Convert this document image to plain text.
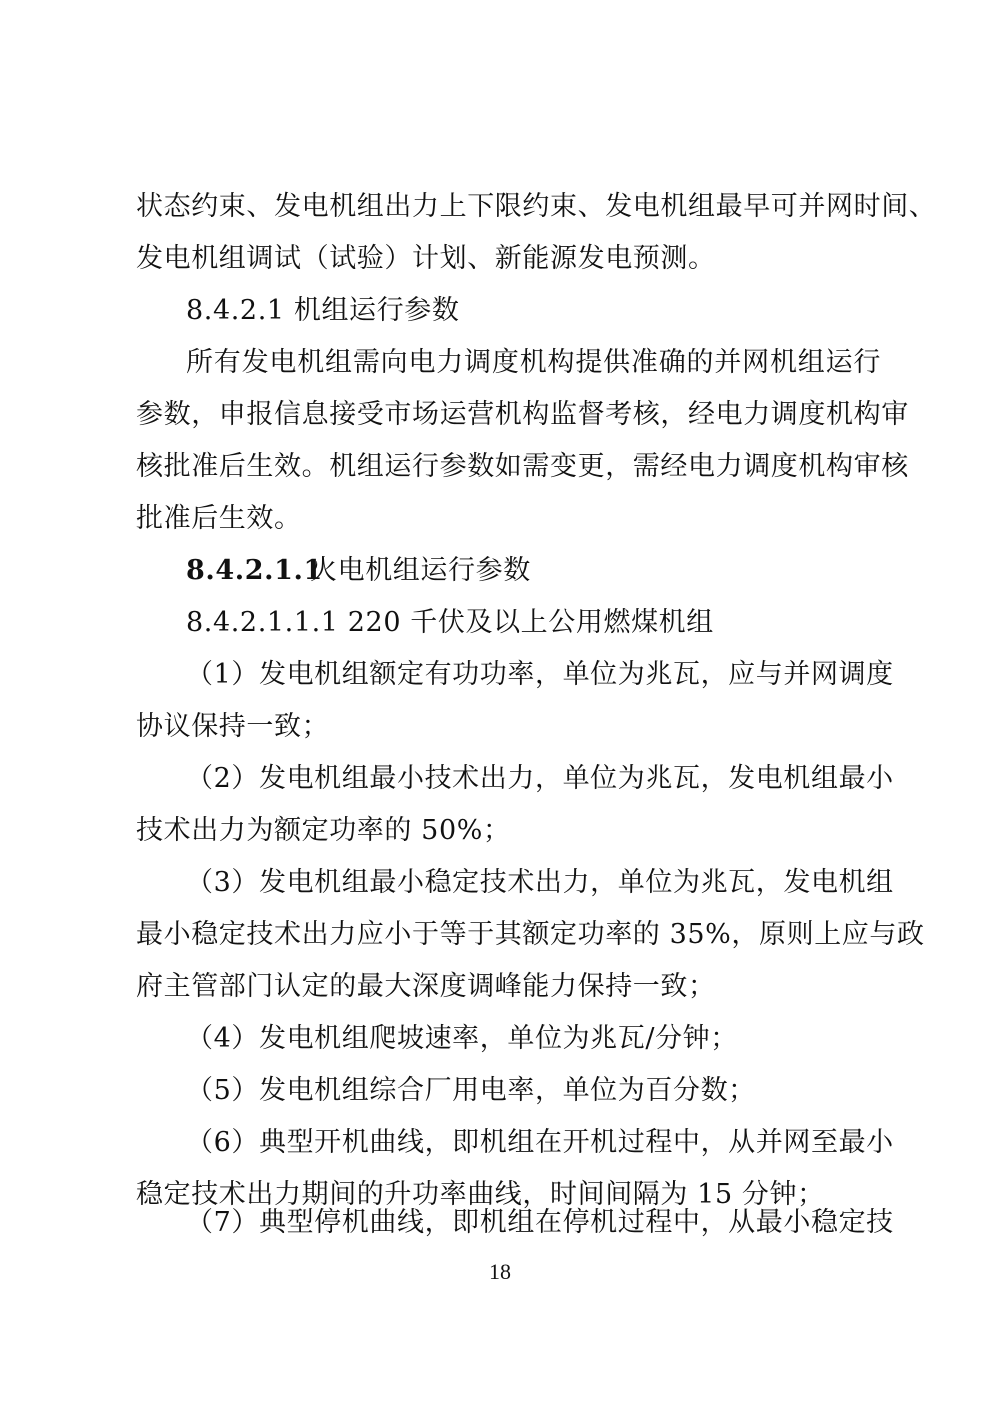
状态约束、发电机组出力上下限约束、发电机组最早可并网时间、
发电机组调试（试验）计划、新能源发电预测。
8.4.2.1 机组运行参数
所有发电机组需向电力调度机构提供准确的并网机组运行
参数，申报信息接受市场运营机构监督考核，经电力调度机构审
核批准后生效。机组运行参数如需变更，需经电力调度机构审核
批准后生效。
8.4.2.1.1
火电机组运行参数
8.4.2.1.1.1 220 千伏及以上公用燃煤机组
（1）发电机组额定有功功率，单位为兆瓦，应与并网调度
协议保持一致；
（2）发电机组最小技术出力，单位为兆瓦，发电机组最小
技术出力为额定功率的 50%；
（3）发电机组最小稳定技术出力，单位为兆瓦，发电机组
最小稳定技术出力应小于等于其额定功率的 35%，原则上应与政
府主管部门认定的最大深度调峰能力保持一致；
（4）发电机组爬坡速率，单位为兆瓦/分钟；
（5）发电机组综合厂用电率，单位为百分数；
（6）典型开机曲线，即机组在开机过程中，从并网至最小
稳定技术出力期间的升功率曲线，时间间隔为 15 分钟；
（7）典型停机曲线，即机组在停机过程中，从最小稳定技
18
